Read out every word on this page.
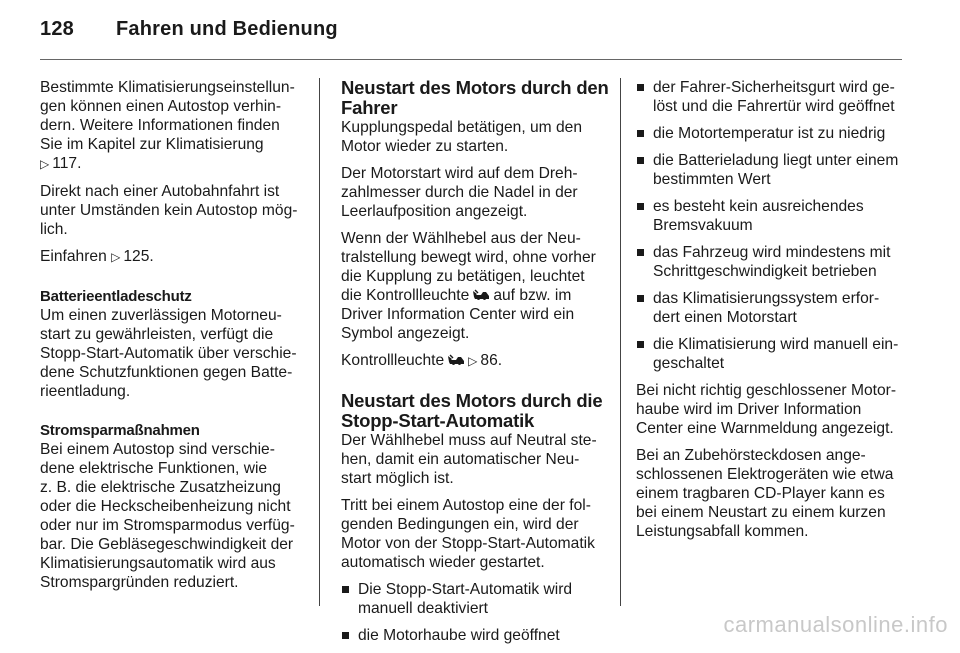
128 Fahren und Bedienung
Bestimmte Klimatisierungseinstellun-
gen können einen Autostop verhin-
dern. Weitere Informationen finden
Sie im Kapitel zur Klimatisierung
▷ 117.
Direkt nach einer Autobahnfahrt ist
unter Umständen kein Autostop mög-
lich.
Einfahren ▷ 125.
Batterieentladeschutz
Um einen zuverlässigen Motorneu-
start zu gewährleisten, verfügt die
Stopp-Start-Automatik über verschie-
dene Schutzfunktionen gegen Batte-
rieentladung.
Stromsparmaßnahmen
Bei einem Autostop sind verschie-
dene elektrische Funktionen, wie
z. B. die elektrische Zusatzheizung
oder die Heckscheibenheizung nicht
oder nur im Stromsparmodus verfüg-
bar. Die Gebläsegeschwindigkeit der
Klimatisierungsautomatik wird aus
Stromspargründen reduziert.
Neustart des Motors durch den
Fahrer
Kupplungspedal betätigen, um den
Motor wieder zu starten.
Der Motorstart wird auf dem Dreh-
zahlmesser durch die Nadel in der
Leerlaufposition angezeigt.
Wenn der Wählhebel aus der Neu-
tralstellung bewegt wird, ohne vorher
die Kupplung zu betätigen, leuchtet
die Kontrollleuchte auf bzw. im
Driver Information Center wird ein
Symbol angezeigt.
Kontrollleuchte ▷ 86.
Neustart des Motors durch die
Stopp-Start-Automatik
Der Wählhebel muss auf Neutral ste-
hen, damit ein automatischer Neu-
start möglich ist.
Tritt bei einem Autostop eine der fol-
genden Bedingungen ein, wird der
Motor von der Stopp-Start-Automatik
automatisch wieder gestartet.
Die Stopp-Start-Automatik wird
manuell deaktiviert
die Motorhaube wird geöffnet
der Fahrer-Sicherheitsgurt wird ge-
löst und die Fahrertür wird geöffnet
die Motortemperatur ist zu niedrig
die Batterieladung liegt unter einem
bestimmten Wert
es besteht kein ausreichendes
Bremsvakuum
das Fahrzeug wird mindestens mit
Schrittgeschwindigkeit betrieben
das Klimatisierungssystem erfor-
dert einen Motorstart
die Klimatisierung wird manuell ein-
geschaltet
Bei nicht richtig geschlossener Motor-
haube wird im Driver Information
Center eine Warnmeldung angezeigt.
Bei an Zubehörsteckdosen ange-
schlossenen Elektrogeräten wie etwa
einem tragbaren CD-Player kann es
bei einem Neustart zu einem kurzen
Leistungsabfall kommen.
carmanualsonline.info
